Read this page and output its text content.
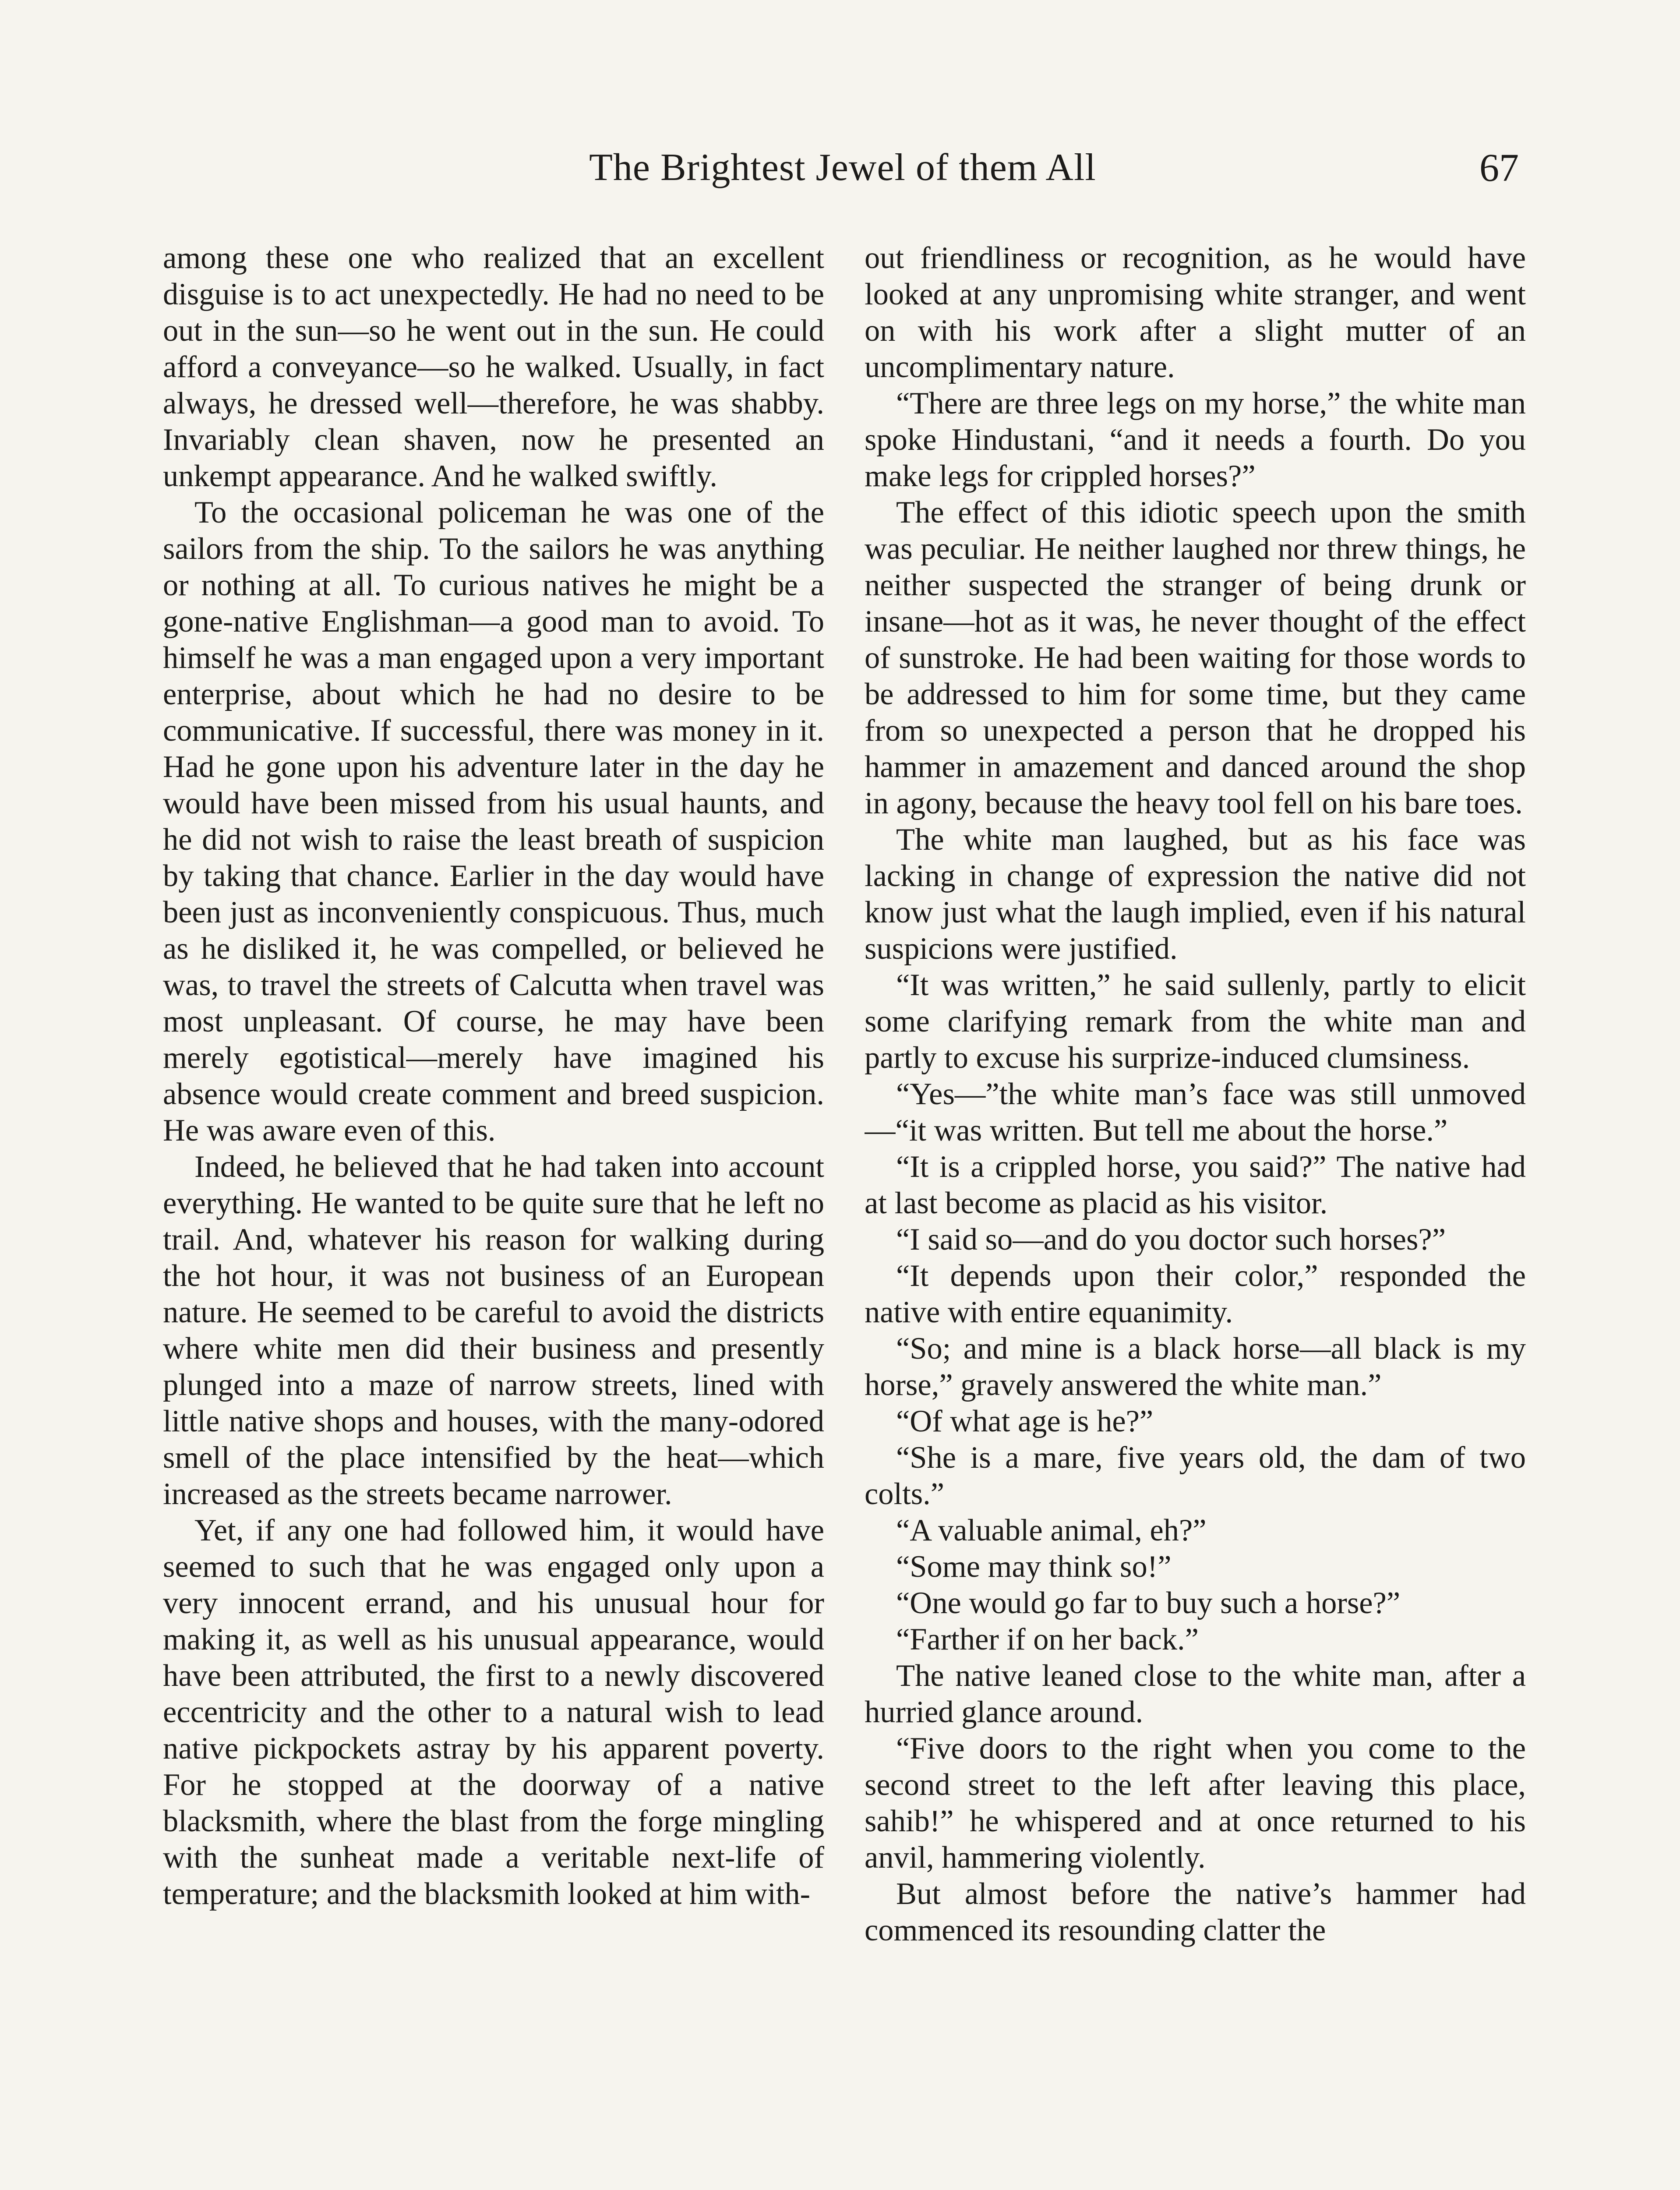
The Brightest Jewel of them All	67

among these one who realized that an excellent disguise is to act unexpectedly. He had no need to be out in the sun—so he went out in the sun. He could afford a conveyance—so he walked. Usually, in fact always, he dressed well—therefore, he was shabby. Invariably clean shaven, now he presented an unkempt appearance. And he walked swiftly.

To the occasional policeman he was one of the sailors from the ship. To the sailors he was anything or nothing at all. To curious natives he might be a gone-native Englishman—a good man to avoid. To himself he was a man engaged upon a very important enterprise, about which he had no desire to be communicative. If successful, there was money in it. Had he gone upon his adventure later in the day he would have been missed from his usual haunts, and he did not wish to raise the least breath of suspicion by taking that chance. Earlier in the day would have been just as inconveniently conspicuous. Thus, much as he disliked it, he was compelled, or believed he was, to travel the streets of Calcutta when travel was most unpleasant. Of course, he may have been merely egotistical—merely have imagined his absence would create comment and breed suspicion. He was aware even of this.

Indeed, he believed that he had taken into account everything. He wanted to be quite sure that he left no trail. And, whatever his reason for walking during the hot hour, it was not business of an European nature. He seemed to be careful to avoid the districts where white men did their business and presently plunged into a maze of narrow streets, lined with little native shops and houses, with the many-odored smell of the place intensified by the heat—which increased as the streets became narrower.

Yet, if any one had followed him, it would have seemed to such that he was engaged only upon a very innocent errand, and his unusual hour for making it, as well as his unusual appearance, would have been attributed, the first to a newly discovered eccentricity and the other to a natural wish to lead native pickpockets astray by his apparent poverty. For he stopped at the doorway of a native blacksmith, where the blast from the forge mingling with the sunheat made a veritable next-life of temperature; and the blacksmith looked at him with-

out friendliness or recognition, as he would have looked at any unpromising white stranger, and went on with his work after a slight mutter of an uncomplimentary nature.

“There are three legs on my horse,” the white man spoke Hindustani, “and it needs a fourth. Do you make legs for crippled horses?”

The effect of this idiotic speech upon the smith was peculiar. He neither laughed nor threw things, he neither suspected the stranger of being drunk or insane—hot as it was, he never thought of the effect of sunstroke. He had been waiting for those words to be addressed to him for some time, but they came from so unexpected a person that he dropped his hammer in amazement and danced around the shop in agony, because the heavy tool fell on his bare toes.

The white man laughed, but as his face was lacking in change of expression the native did not know just what the laugh implied, even if his natural suspicions were justified.

“It was written,” he said sullenly, partly to elicit some clarifying remark from the white man and partly to excuse his surprize-induced clumsiness.

“Yes—”the white man’s face was still unmoved—“it was written. But tell me about the horse.”

“It is a crippled horse, you said?” The native had at last become as placid as his visitor.

“I said so—and do you doctor such horses?”

“It depends upon their color,” responded the native with entire equanimity.

“So; and mine is a black horse—all black is my horse,” gravely answered the white man.”

“Of what age is he?”

“She is a mare, five years old, the dam of two colts.”

“A valuable animal, eh?”

“Some may think so!”

“One would go far to buy such a horse?”

“Farther if on her back.”

The native leaned close to the white man, after a hurried glance around.

“Five doors to the right when you come to the second street to the left after leaving this place, sahib!” he whispered and at once returned to his anvil, hammering violently.

But almost before the native’s hammer had commenced its resounding clatter the
